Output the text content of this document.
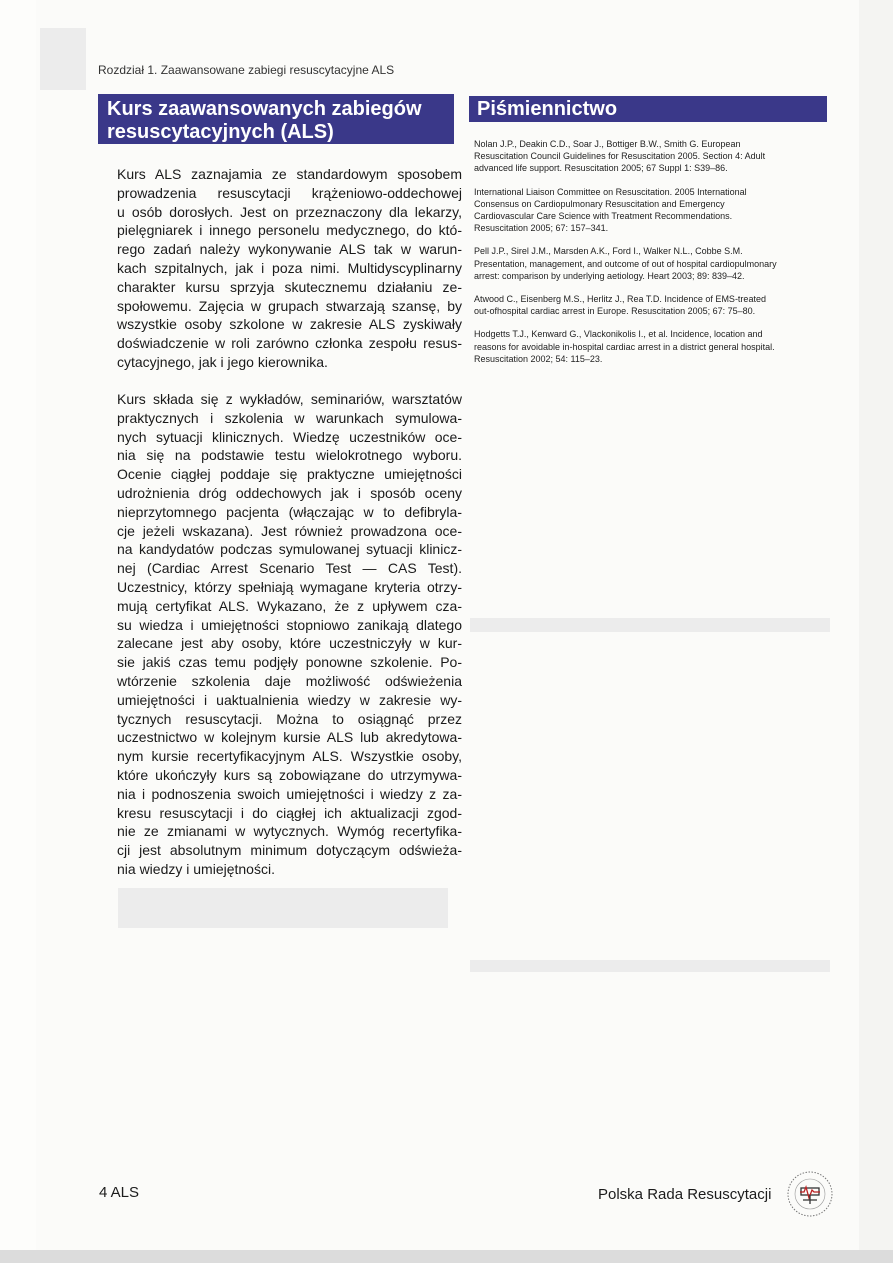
Rozdział 1. Zaawansowane zabiegi resuscytacyjne ALS
Kurs zaawansowanych zabiegów
resuscytacyjnych (ALS)
Piśmiennictwo
Kurs ALS zaznajamia ze standardowym sposobem
prowadzenia resuscytacji krążeniowo-oddechowej
u osób dorosłych. Jest on przeznaczony dla lekarzy,
pielęgniarek i innego personelu medycznego, do któ-
rego zadań należy wykonywanie ALS tak w warun-
kach szpitalnych, jak i poza nimi. Multidyscyplinarny
charakter kursu sprzyja skutecznemu działaniu ze-
społowemu. Zajęcia w grupach stwarzają szansę, by
wszystkie osoby szkolone w zakresie ALS zyskiwały
doświadczenie w roli zarówno członka zespołu resus-
cytacyjnego, jak i jego kierownika.
Kurs składa się z wykładów, seminariów, warsztatów
praktycznych i szkolenia w warunkach symulowa-
nych sytuacji klinicznych. Wiedzę uczestników oce-
nia się na podstawie testu wielokrotnego wyboru.
Ocenie ciągłej poddaje się praktyczne umiejętności
udrożnienia dróg oddechowych jak i sposób oceny
nieprzytomnego pacjenta (włączając w to defibryla-
cje jeżeli wskazana). Jest również prowadzona oce-
na kandydatów podczas symulowanej sytuacji klinicz-
nej (Cardiac Arrest Scenario Test — CAS Test).
Uczestnicy, którzy spełniają wymagane kryteria otrzy-
mują certyfikat ALS. Wykazano, że z upływem cza-
su wiedza i umiejętności stopniowo zanikają dlatego
zalecane jest aby osoby, które uczestniczyły w kur-
sie jakiś czas temu podjęły ponowne szkolenie. Po-
wtórzenie szkolenia daje możliwość odświeżenia
umiejętności i uaktualnienia wiedzy w zakresie wy-
tycznych resuscytacji. Można to osiągnąć przez
uczestnictwo w kolejnym kursie ALS lub akredytowa-
nym kursie recertyfikacyjnym ALS. Wszystkie osoby,
które ukończyły kurs są zobowiązane do utrzymywa-
nia i podnoszenia swoich umiejętności i wiedzy z za-
kresu resuscytacji i do ciągłej ich aktualizacji zgod-
nie ze zmianami w wytycznych. Wymóg recertyfika-
cji jest absolutnym minimum dotyczącym odświeża-
nia wiedzy i umiejętności.
Nolan J.P., Deakin C.D., Soar J., Bottiger B.W., Smith G. European
Resuscitation Council Guidelines for Resuscitation 2005. Section 4: Adult
advanced life support. Resuscitation 2005; 67 Suppl 1: S39–86.
International Liaison Committee on Resuscitation. 2005 International
Consensus on Cardiopulmonary Resuscitation and Emergency
Cardiovascular Care Science with Treatment Recommendations.
Resuscitation 2005; 67: 157–341.
Pell J.P., Sirel J.M., Marsden A.K., Ford I., Walker N.L., Cobbe S.M.
Presentation, management, and outcome of out of hospital cardiopulmonary
arrest: comparison by underlying aetiology. Heart 2003; 89: 839–42.
Atwood C., Eisenberg M.S., Herlitz J., Rea T.D. Incidence of EMS-treated
out-ofhospital cardiac arrest in Europe. Resuscitation 2005; 67: 75–80.
Hodgetts T.J., Kenward G., Vlackonikolis I., et al. Incidence, location and
reasons for avoidable in-hospital cardiac arrest in a district general hospital.
Resuscitation 2002; 54: 115–23.
4 ALS	Polska Rada Resuscytacji
